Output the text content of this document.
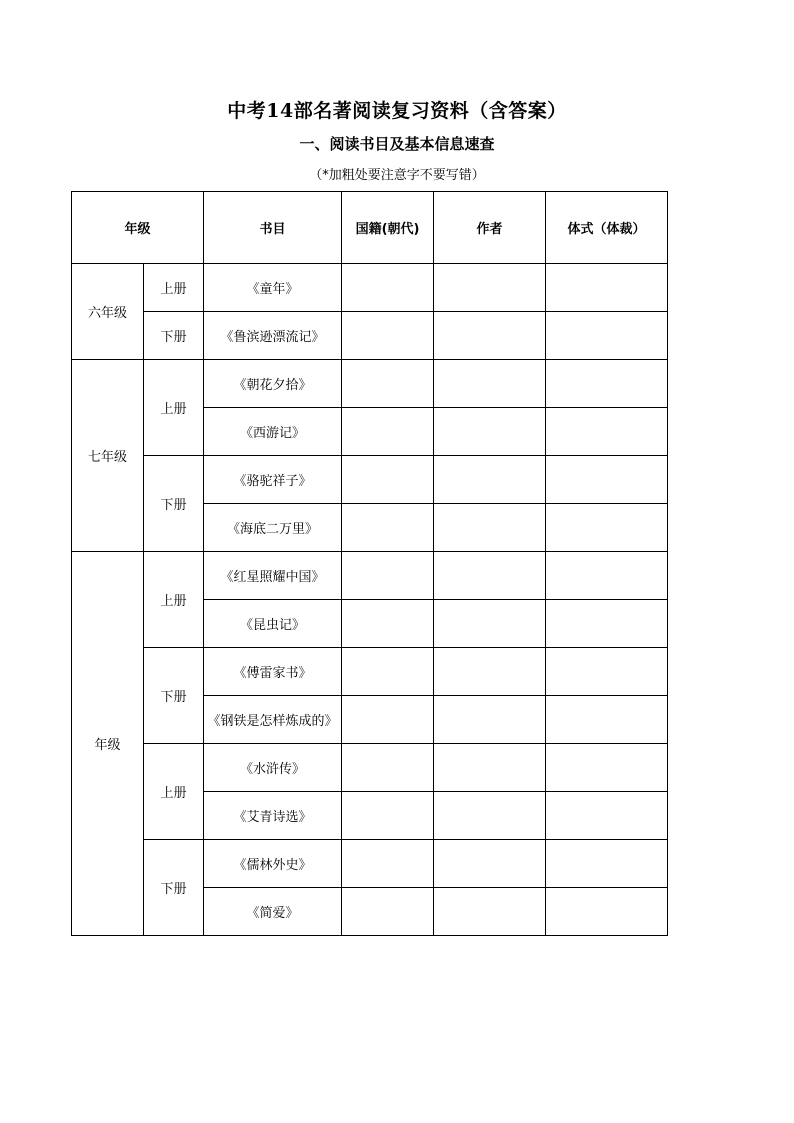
中考14部名著阅读复习资料（含答案）
一、阅读书目及基本信息速查
（*加粗处要注意字不要写错）
年级		书目	国籍(朝代)	作者	体式（体裁）
六年级	上册	《童年》			
	下册	《鲁滨逊漂流记》			
七年级	上册	《朝花夕拾》			
		《西游记》			
	下册	《骆驼祥子》			
		《海底二万里》			
年级	上册	《红星照耀中国》			
		《昆虫记》			
	下册	《傅雷家书》			
		《钢铁是怎样炼成的》			
	上册	《水浒传》			
		《艾青诗选》			
	下册	《儒林外史》			
		《简爱》			
